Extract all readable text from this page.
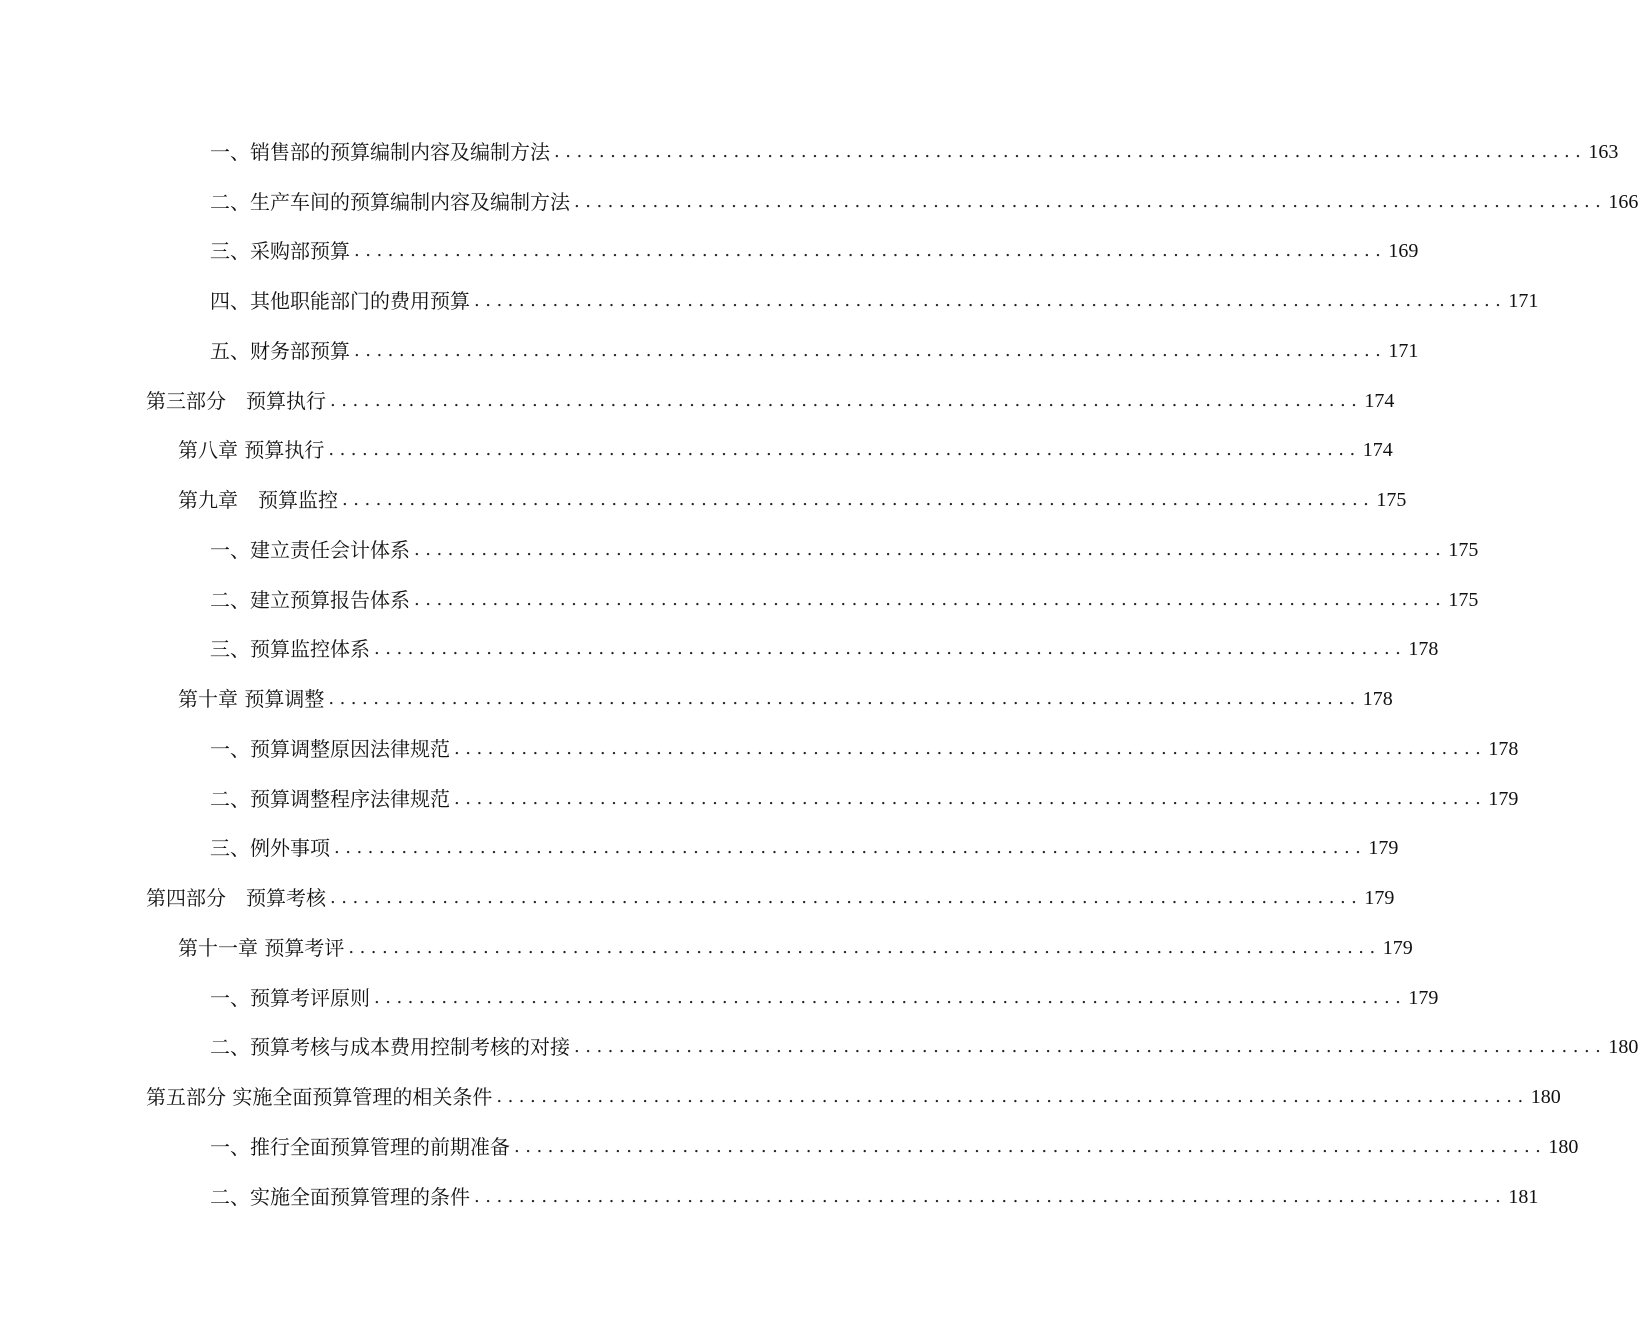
一、销售部的预算编制内容及编制方法 ............................................................................................ 163
二、生产车间的预算编制内容及编制方法 ............................................................................................ 166
三、采购部预算 ............................................................................................ 169
四、其他职能部门的费用预算 ............................................................................................ 171
五、财务部预算 ............................................................................................ 171
第三部分　预算执行 ............................................................................................ 174
第八章 预算执行 ............................................................................................ 174
第九章　预算监控 ............................................................................................ 175
一、建立责任会计体系 ............................................................................................ 175
二、建立预算报告体系 ............................................................................................ 175
三、预算监控体系 ............................................................................................ 178
第十章 预算调整 ............................................................................................ 178
一、预算调整原因法律规范 ............................................................................................ 178
二、预算调整程序法律规范 ............................................................................................ 179
三、例外事项 ............................................................................................ 179
第四部分　预算考核 ............................................................................................ 179
第十一章 预算考评 ............................................................................................ 179
一、预算考评原则 ............................................................................................ 179
二、预算考核与成本费用控制考核的对接 ............................................................................................ 180
第五部分 实施全面预算管理的相关条件 ............................................................................................ 180
一、推行全面预算管理的前期准备 ............................................................................................ 180
二、实施全面预算管理的条件 ............................................................................................ 181
